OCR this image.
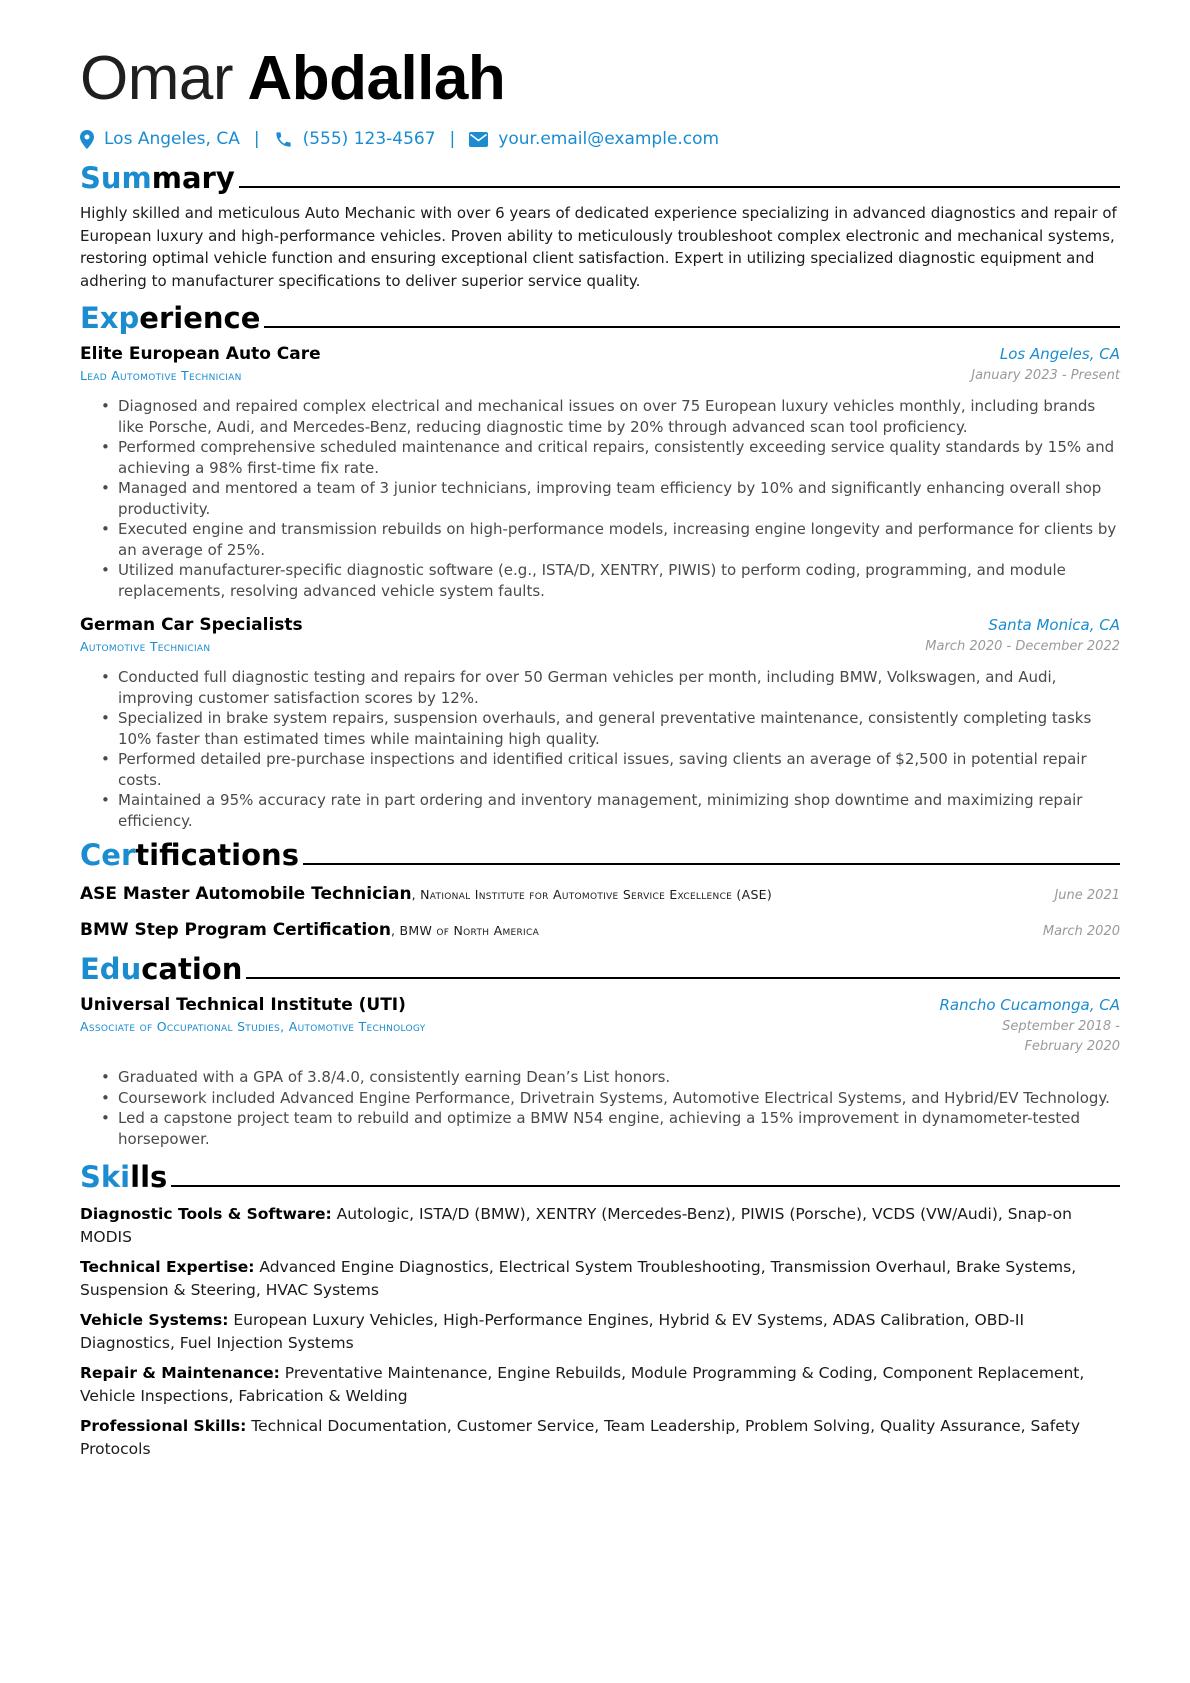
Omar Abdallah
Los Angeles, CA |	(555) 123-4567 |	your.email@example.com
Summary

Highly skilled and meticulous Auto Mechanic with over 6 years of dedicated experience specializing in advanced diagnostics and repair of European luxury and high-performance vehicles. Proven ability to meticulously troubleshoot complex electronic and mechanical systems, restoring optimal vehicle function and ensuring exceptional client satisfaction. Expert in utilizing specialized diagnostic equipment and adhering to manufacturer specifications to deliver superior service quality.

Experience
Elite European Auto Care	Los Angeles, CA
Lead Automotive Technician	January 2023 - Present
• Diagnosed and repaired complex electrical and mechanical issues on over 75 European luxury vehicles monthly, including brands like Porsche, Audi, and Mercedes-Benz, reducing diagnostic time by 20% through advanced scan tool proficiency.
• Performed comprehensive scheduled maintenance and critical repairs, consistently exceeding service quality standards by 15% and achieving a 98% first-time fix rate.
• Managed and mentored a team of 3 junior technicians, improving team efficiency by 10% and significantly enhancing overall shop productivity.
• Executed engine and transmission rebuilds on high-performance models, increasing engine longevity and performance for clients by an average of 25%.
• Utilized manufacturer-specific diagnostic software (e.g., ISTA/D, XENTRY, PIWIS) to perform coding, programming, and module replacements, resolving advanced vehicle system faults.
German Car Specialists	Santa Monica, CA
Automotive Technician	March 2020 - December 2022
• Conducted full diagnostic testing and repairs for over 50 German vehicles per month, including BMW, Volkswagen, and Audi, improving customer satisfaction scores by 12%.
• Specialized in brake system repairs, suspension overhauls, and general preventative maintenance, consistently completing tasks 10% faster than estimated times while maintaining high quality.
• Performed detailed pre-purchase inspections and identified critical issues, saving clients an average of $2,500 in potential repair costs.
• Maintained a 95% accuracy rate in part ordering and inventory management, minimizing shop downtime and maximizing repair efficiency.
Certifications
ASE Master Automobile Technician, National Institute for Automotive Service Excellence (ASE)	June 2021
BMW Step Program Certification, BMW of North America	March 2020
Education
Universal Technical Institute (UTI)	Rancho Cucamonga, CA
Associate of Occupational Studies, Automotive Technology	September 2018 - February 2020
• Graduated with a GPA of 3.8/4.0, consistently earning Dean’s List honors.
• Coursework included Advanced Engine Performance, Drivetrain Systems, Automotive Electrical Systems, and Hybrid/EV Technology.
• Led a capstone project team to rebuild and optimize a BMW N54 engine, achieving a 15% improvement in dynamometer-tested horsepower.
Skills
Diagnostic Tools & Software: Autologic, ISTA/D (BMW), XENTRY (Mercedes-Benz), PIWIS (Porsche), VCDS (VW/Audi), Snap-on MODIS
Technical Expertise: Advanced Engine Diagnostics, Electrical System Troubleshooting, Transmission Overhaul, Brake Systems, Suspension & Steering, HVAC Systems
Vehicle Systems: European Luxury Vehicles, High-Performance Engines, Hybrid & EV Systems, ADAS Calibration, OBD-II Diagnostics, Fuel Injection Systems
Repair & Maintenance: Preventative Maintenance, Engine Rebuilds, Module Programming & Coding, Component Replacement, Vehicle Inspections, Fabrication & Welding
Professional Skills: Technical Documentation, Customer Service, Team Leadership, Problem Solving, Quality Assurance, Safety Protocols
